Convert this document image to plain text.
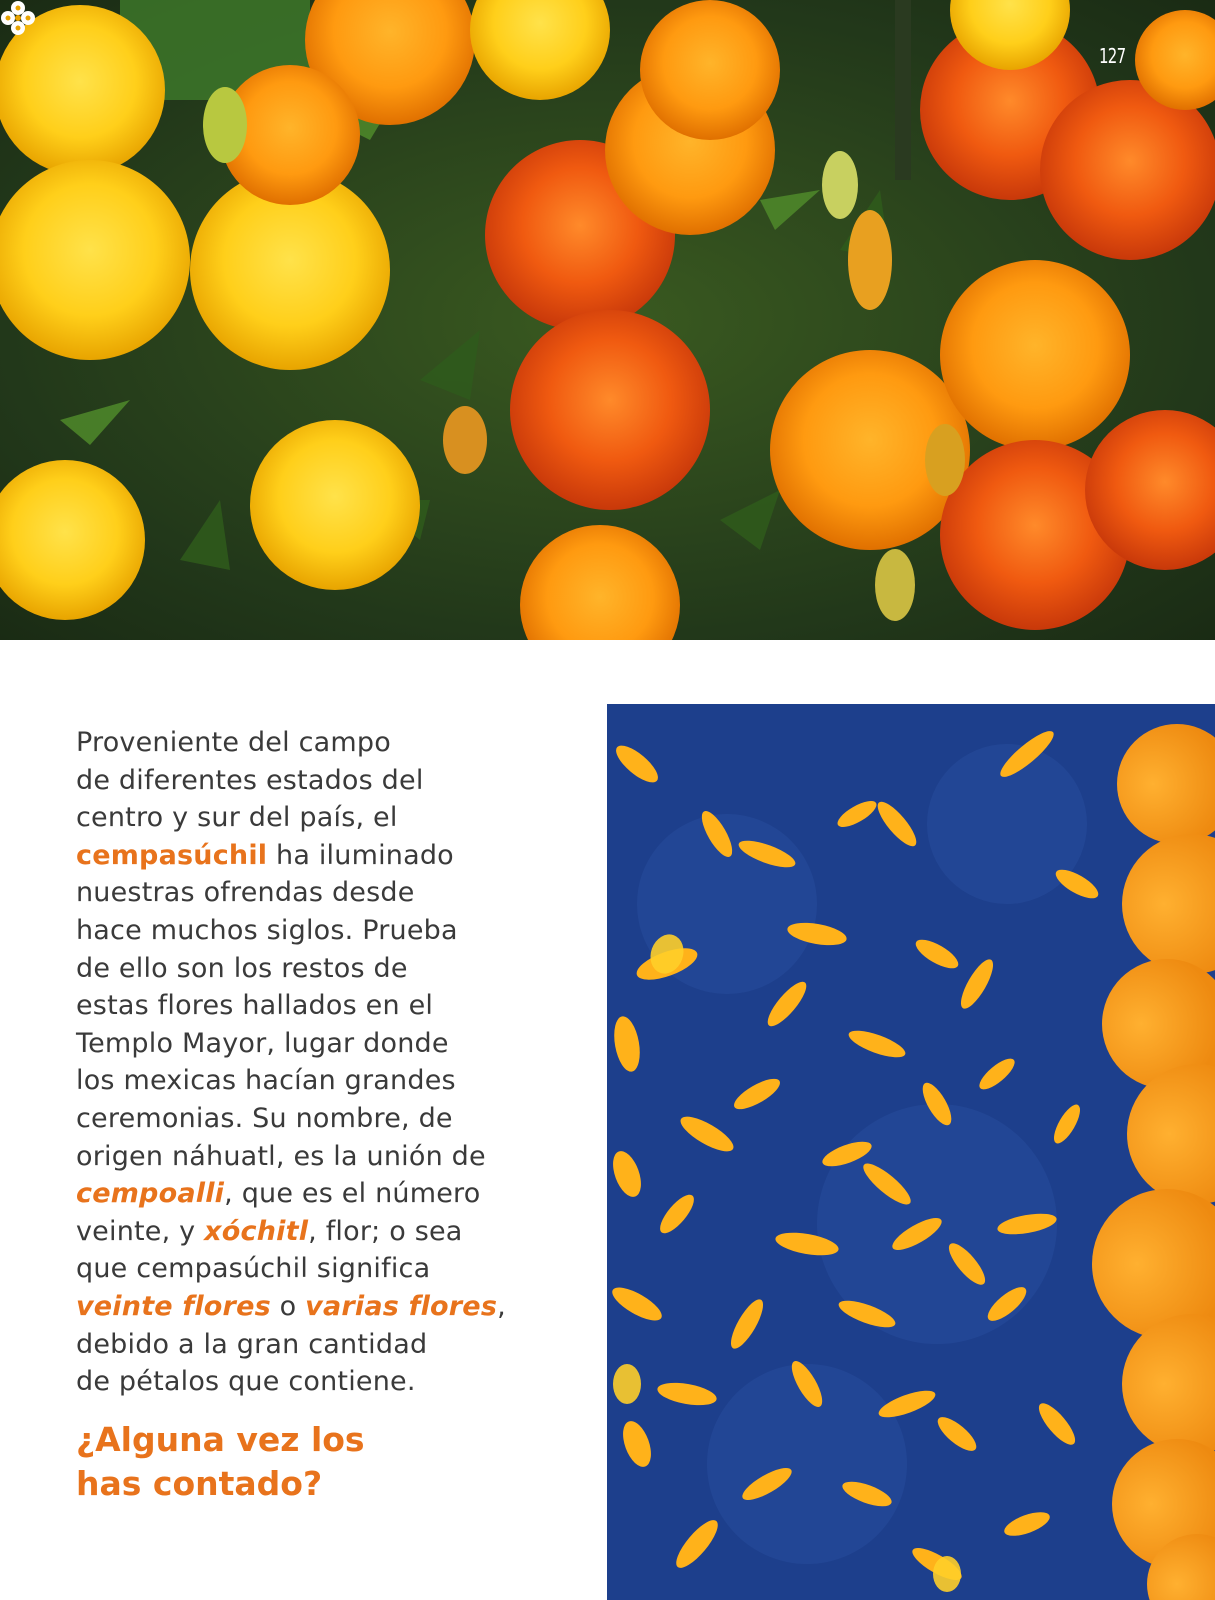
127
Proveniente del campo
de diferentes estados del
centro y sur del país, el
cempasúchil ha iluminado
nuestras ofrendas desde
hace muchos siglos. Prueba
de ello son los restos de
estas flores hallados en el
Templo Mayor, lugar donde
los mexicas hacían grandes
ceremonias. Su nombre, de
origen náhuatl, es la unión de
cempoalli, que es el número
veinte, y xóchitl, flor; o sea
que cempasúchil significa
veinte flores o varias flores,
debido a la gran cantidad
de pétalos que contiene.
¿Alguna vez los
has contado?
